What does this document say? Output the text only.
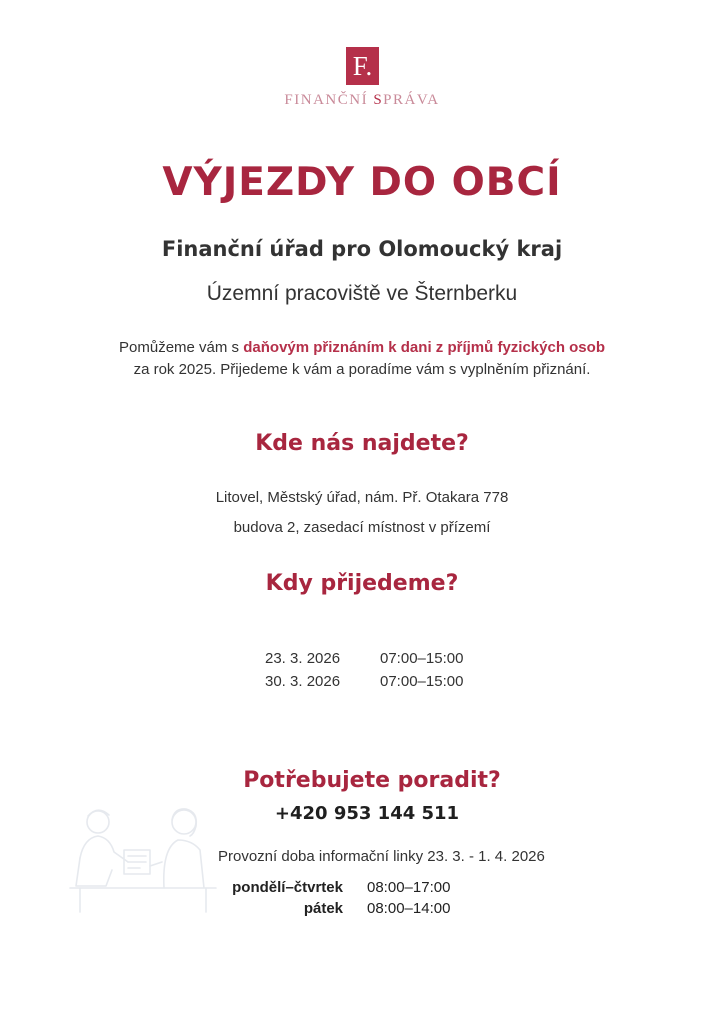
F.
FINANČNÍ SPRÁVA
VÝJEZDY DO OBCÍ
Finanční úřad pro Olomoucký kraj
Územní pracoviště ve Šternberku
Pomůžeme vám s daňovým přiznáním k dani z příjmů fyzických osob
za rok 2025. Přijedeme k vám a poradíme vám s vyplněním přiznání.
Kde nás najdete?
Litovel, Městský úřad, nám. Př. Otakara 778
budova 2, zasedací místnost v přízemí
Kdy přijedeme?
23. 3. 2026	07:00–15:00
30. 3. 2026	07:00–15:00
Potřebujete poradit?
+420 953 144 511
Provozní doba informační linky 23. 3. - 1. 4. 2026
pondělí–čtvrtek	08:00–17:00
pátek	08:00–14:00
